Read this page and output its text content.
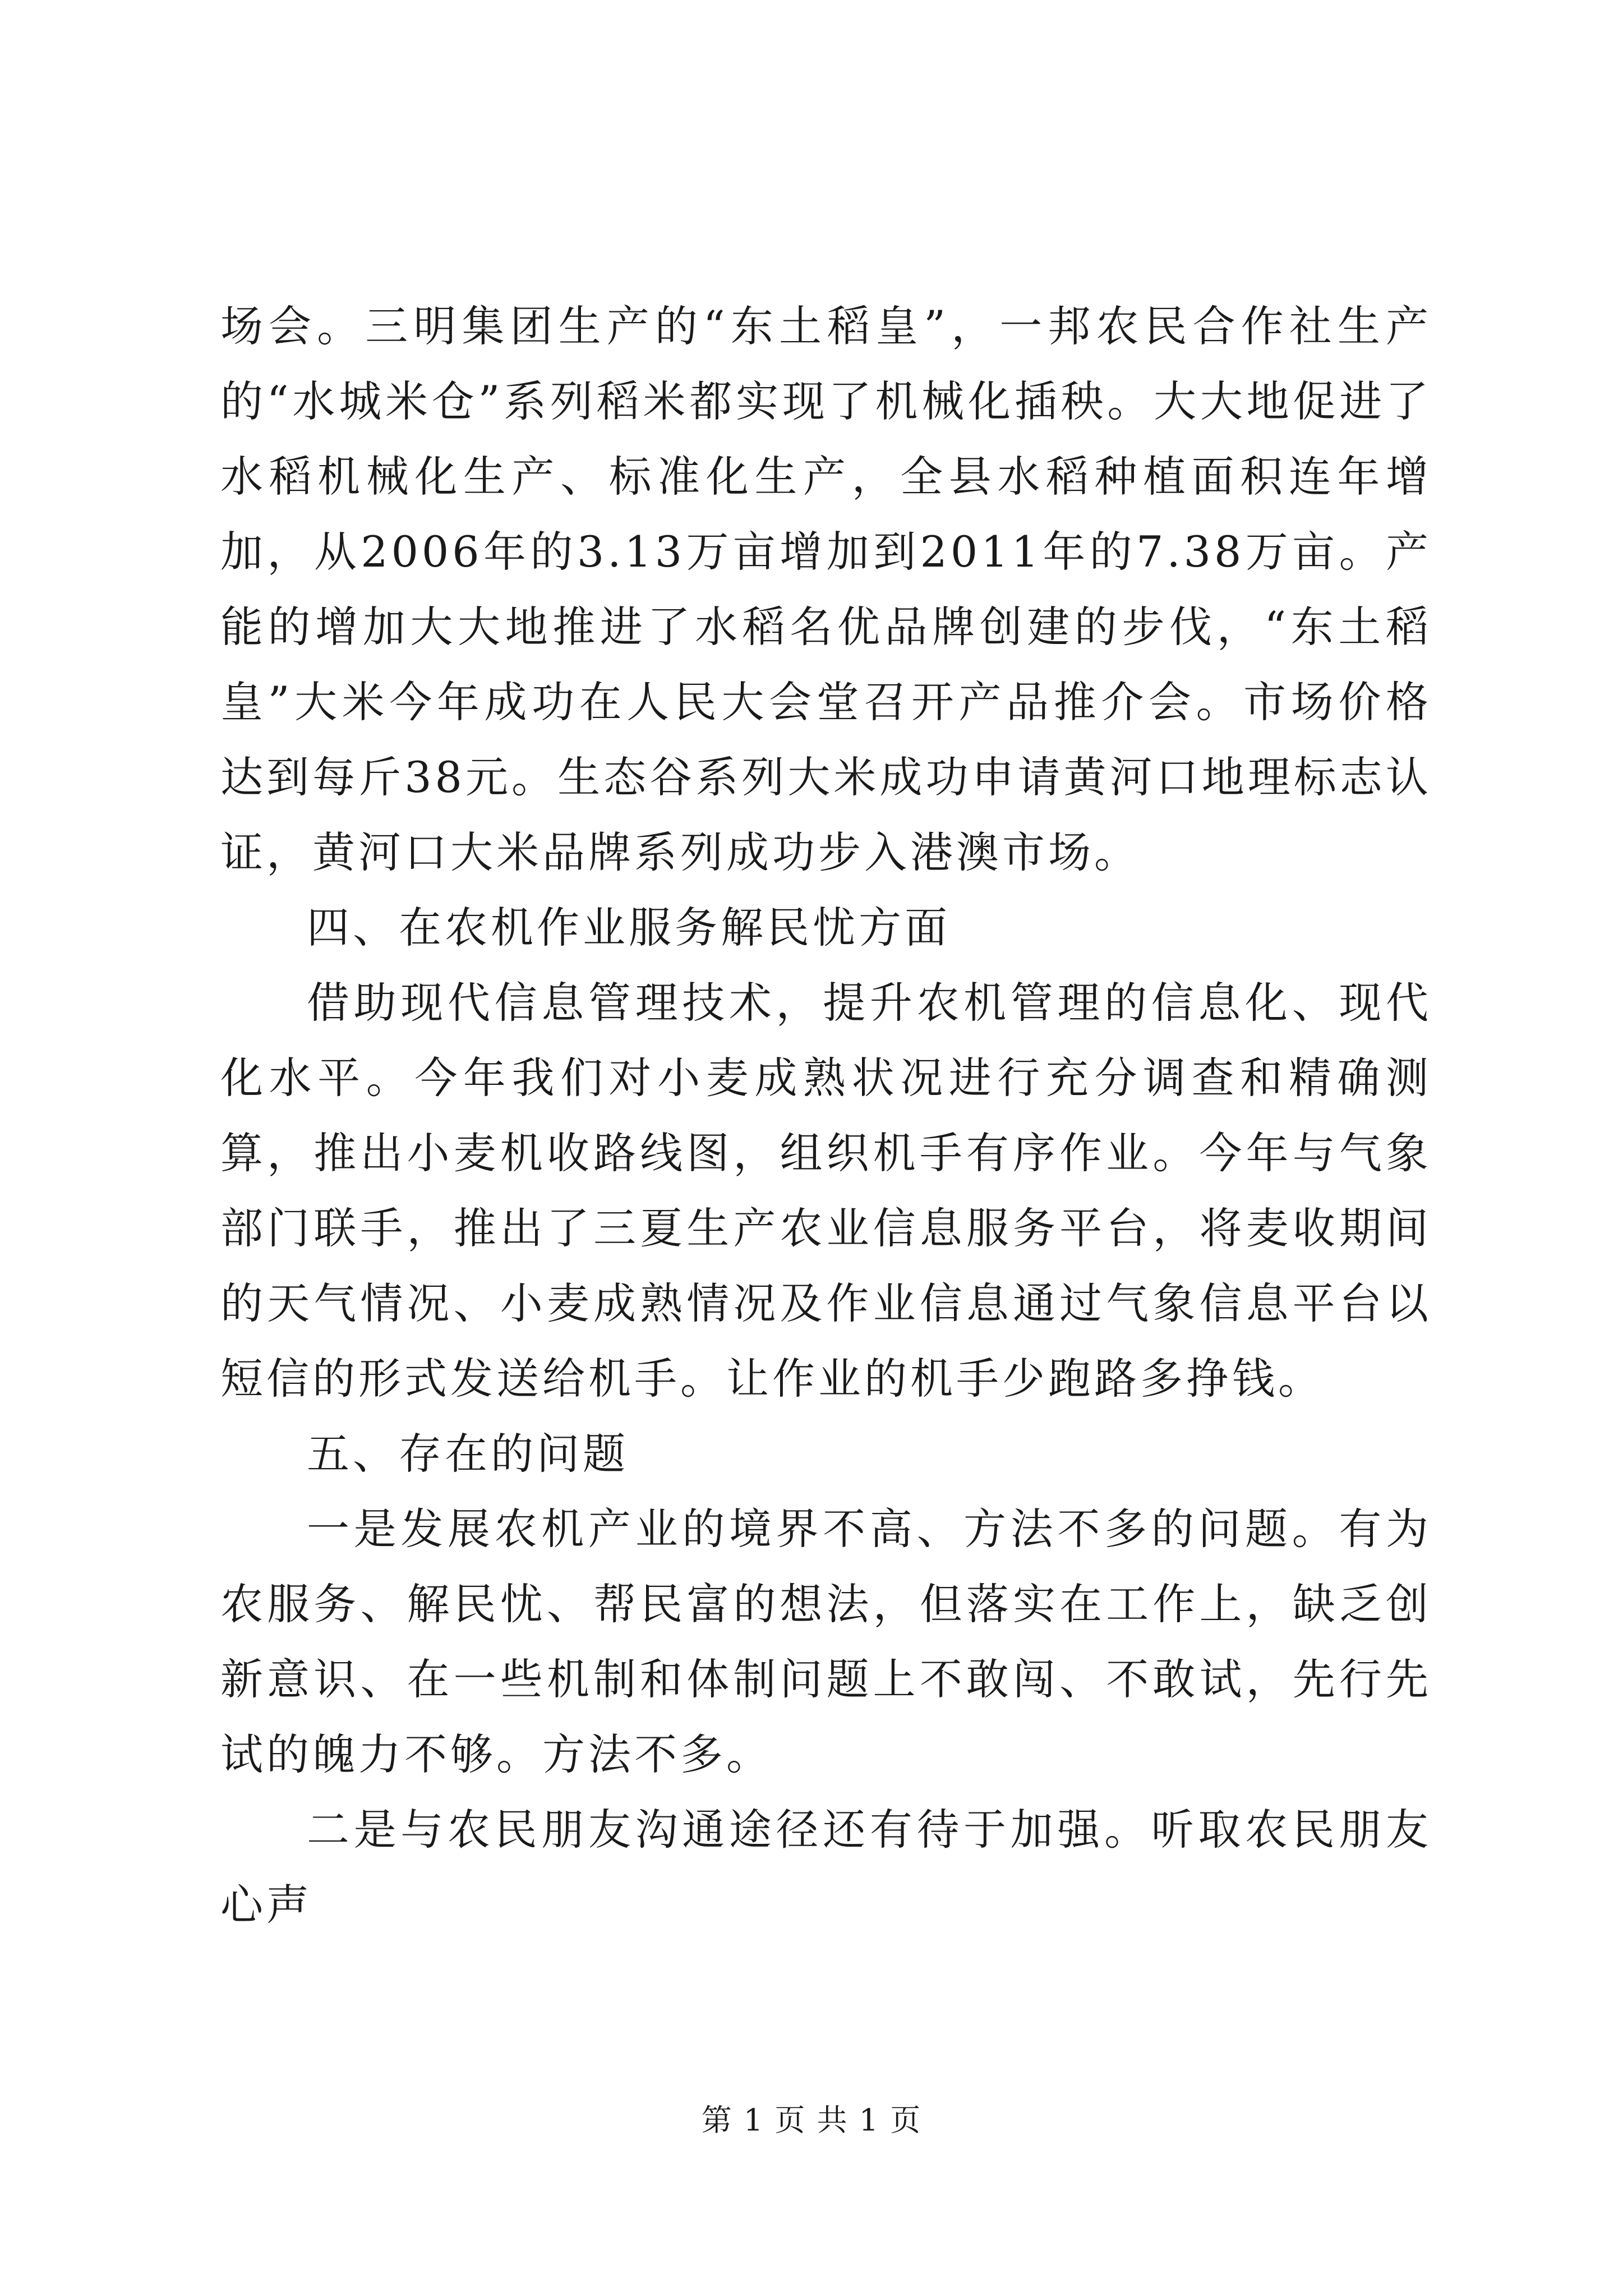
场会。三明集团生产的“东土稻皇”，一邦农民合作社生产的“水城米仓”系列稻米都实现了机械化插秧。大大地促进了水稻机械化生产、标准化生产，全县水稻种植面积连年增加，从2006年的3.13万亩增加到2011年的7.38万亩。产能的增加大大地推进了水稻名优品牌创建的步伐，“东土稻皇”大米今年成功在人民大会堂召开产品推介会。市场价格达到每斤38元。生态谷系列大米成功申请黄河口地理标志认证，黄河口大米品牌系列成功步入港澳市场。

四、在农机作业服务解民忧方面

借助现代信息管理技术，提升农机管理的信息化、现代化水平。今年我们对小麦成熟状况进行充分调查和精确测算，推出小麦机收路线图，组织机手有序作业。今年与气象部门联手，推出了三夏生产农业信息服务平台，将麦收期间的天气情况、小麦成熟情况及作业信息通过气象信息平台以短信的形式发送给机手。让作业的机手少跑路多挣钱。

五、存在的问题

一是发展农机产业的境界不高、方法不多的问题。有为农服务、解民忧、帮民富的想法，但落实在工作上，缺乏创新意识、在一些机制和体制问题上不敢闯、不敢试，先行先试的魄力不够。方法不多。

二是与农民朋友沟通途径还有待于加强。听取农民朋友心声

第 1 页 共 1 页
